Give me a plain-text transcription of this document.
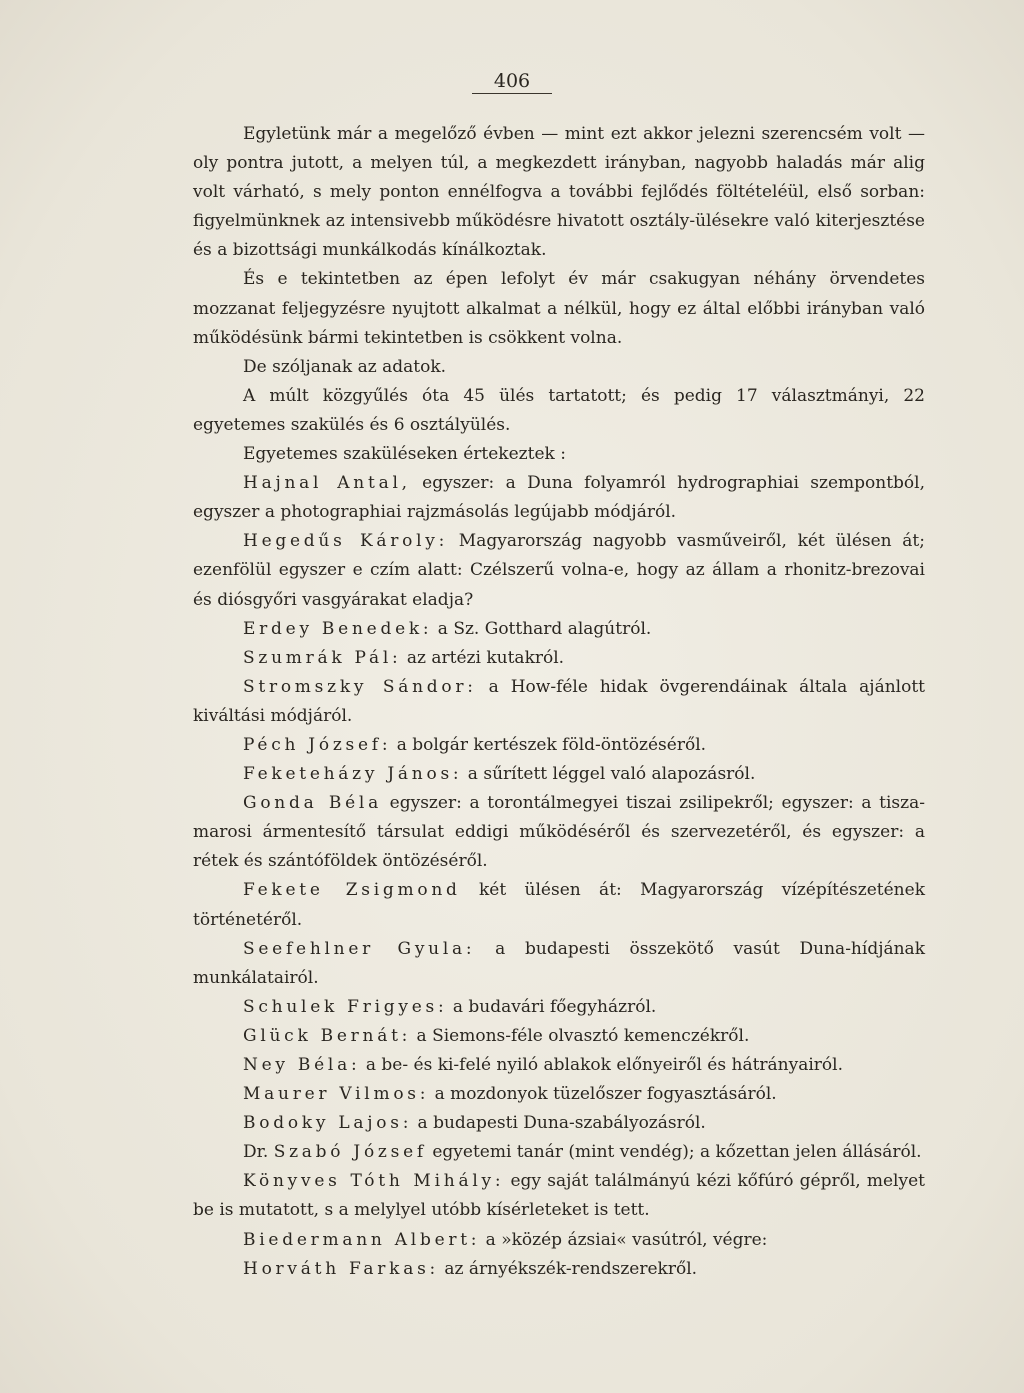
406

Egyletünk már a megelőző évben — mint ezt akkor jelezni szerencsém volt — oly pontra jutott, a melyen túl, a megkezdett irányban, nagyobb haladás már alig volt várható, s mely ponton ennélfogva a további fejlődés föltételéül, első sorban: figyelmünknek az intensivebb működésre hivatott osztály-ülésekre való kiterjesztése és a bizottsági munkálkodás kínálkoztak.

És e tekintetben az épen lefolyt év már csakugyan néhány örvendetes mozzanat feljegyzésre nyujtott alkalmat a nélkül, hogy ez által előbbi irányban való működésünk bármi tekintetben is csökkent volna.

De szóljanak az adatok.

A múlt közgyűlés óta 45 ülés tartatott; és pedig 17 választmányi, 22 egyetemes szakülés és 6 osztályülés.

Egyetemes szaküléseken értekeztek :

Hajnal Antal, egyszer: a Duna folyamról hydrographiai szempontból, egyszer a photographiai rajzmásolás legújabb módjáról.

Hegedűs Károly: Magyarország nagyobb vasműveiről, két ülésen át; ezenfölül egyszer e czím alatt: Czélszerű volna-e, hogy az állam a rhonitz-brezovai és diósgyőri vasgyárakat eladja?

Erdey Benedek: a Sz. Gotthard alagútról.

Szumrák Pál: az artézi kutakról.

Stromszky Sándor: a How-féle hidak övgerendáinak általa ajánlott kiváltási módjáról.

Péch József: a bolgár kertészek föld-öntözéséről.

Feketeházy János: a sűrített léggel való alapozásról.

Gonda Béla egyszer: a torontálmegyei tiszai zsilipekről; egyszer: a tisza-marosi ármentesítő társulat eddigi működéséről és szervezetéről, és egyszer: a rétek és szántóföldek öntözéséről.

Fekete Zsigmond két ülésen át: Magyarország vízépítészetének történetéről.

Seefehlner Gyula: a budapesti összekötő vasút Duna-hídjának munkálatairól.

Schulek Frigyes: a budavári főegyházról.

Glück Bernát: a Siemons-féle olvasztó kemenczékről.

Ney Béla: a be- és ki-felé nyiló ablakok előnyeiről és hátrányairól.

Maurer Vilmos: a mozdonyok tüzelőszer fogyasztásáról.

Bodoky Lajos: a budapesti Duna-szabályozásról.

Dr. Szabó József egyetemi tanár (mint vendég); a kőzettan jelen állásáról.

Könyves Tóth Mihály: egy saját találmányú kézi kőfúró gépről, melyet be is mutatott, s a melylyel utóbb kísérleteket is tett.

Biedermann Albert: a »közép ázsiai« vasútról, végre:

Horváth Farkas: az árnyékszék-rendszerekről.
